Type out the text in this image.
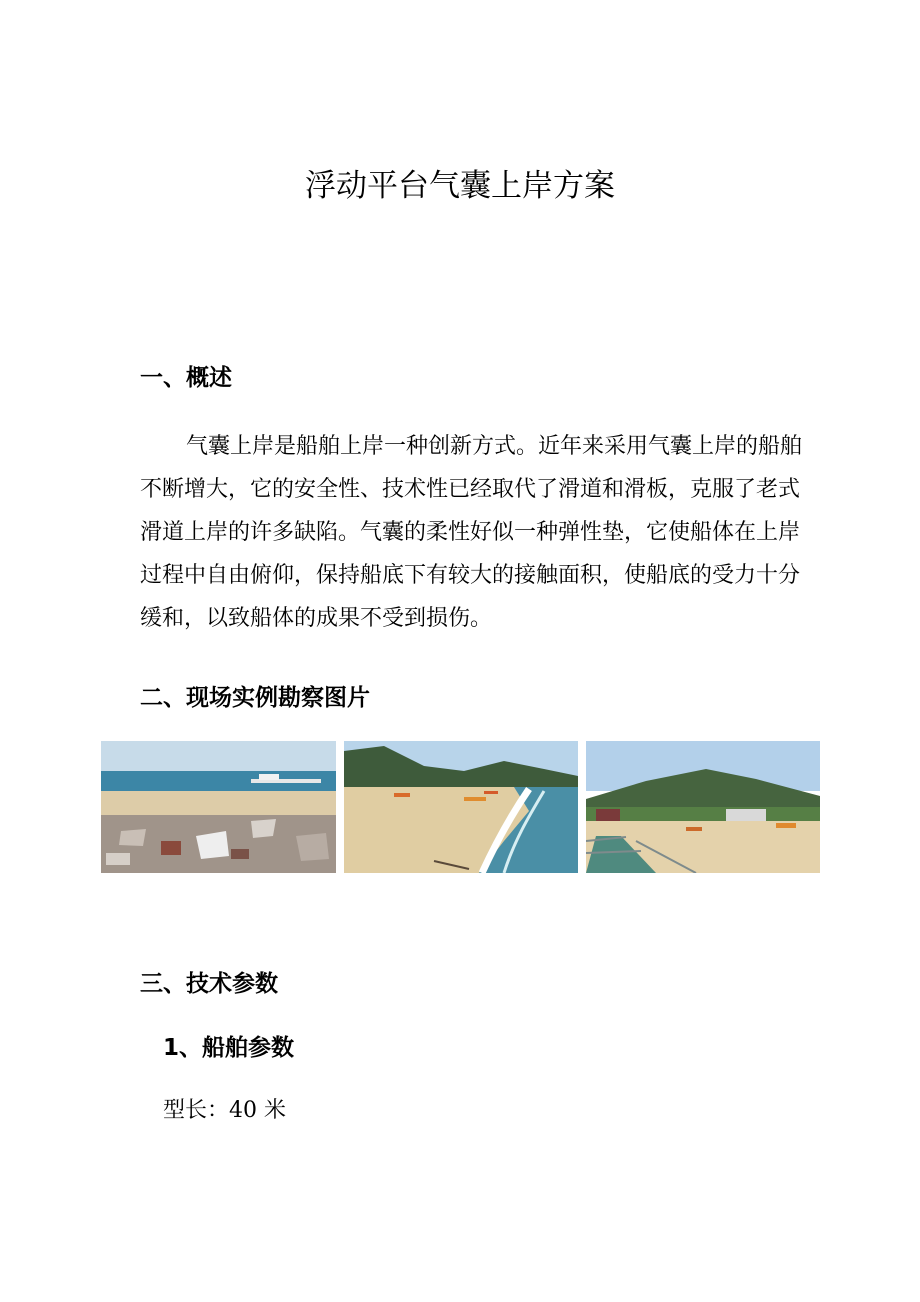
浮动平台气囊上岸方案
一、概述
气囊上岸是船舶上岸一种创新方式。近年来采用气囊上岸的船舶不断增大，它的安全性、技术性已经取代了滑道和滑板，克服了老式滑道上岸的许多缺陷。气囊的柔性好似一种弹性垫，它使船体在上岸过程中自由俯仰，保持船底下有较大的接触面积，使船底的受力十分缓和，以致船体的成果不受到损伤。
二、现场实例勘察图片
三、技术参数
1、船舶参数
型长：40 米
